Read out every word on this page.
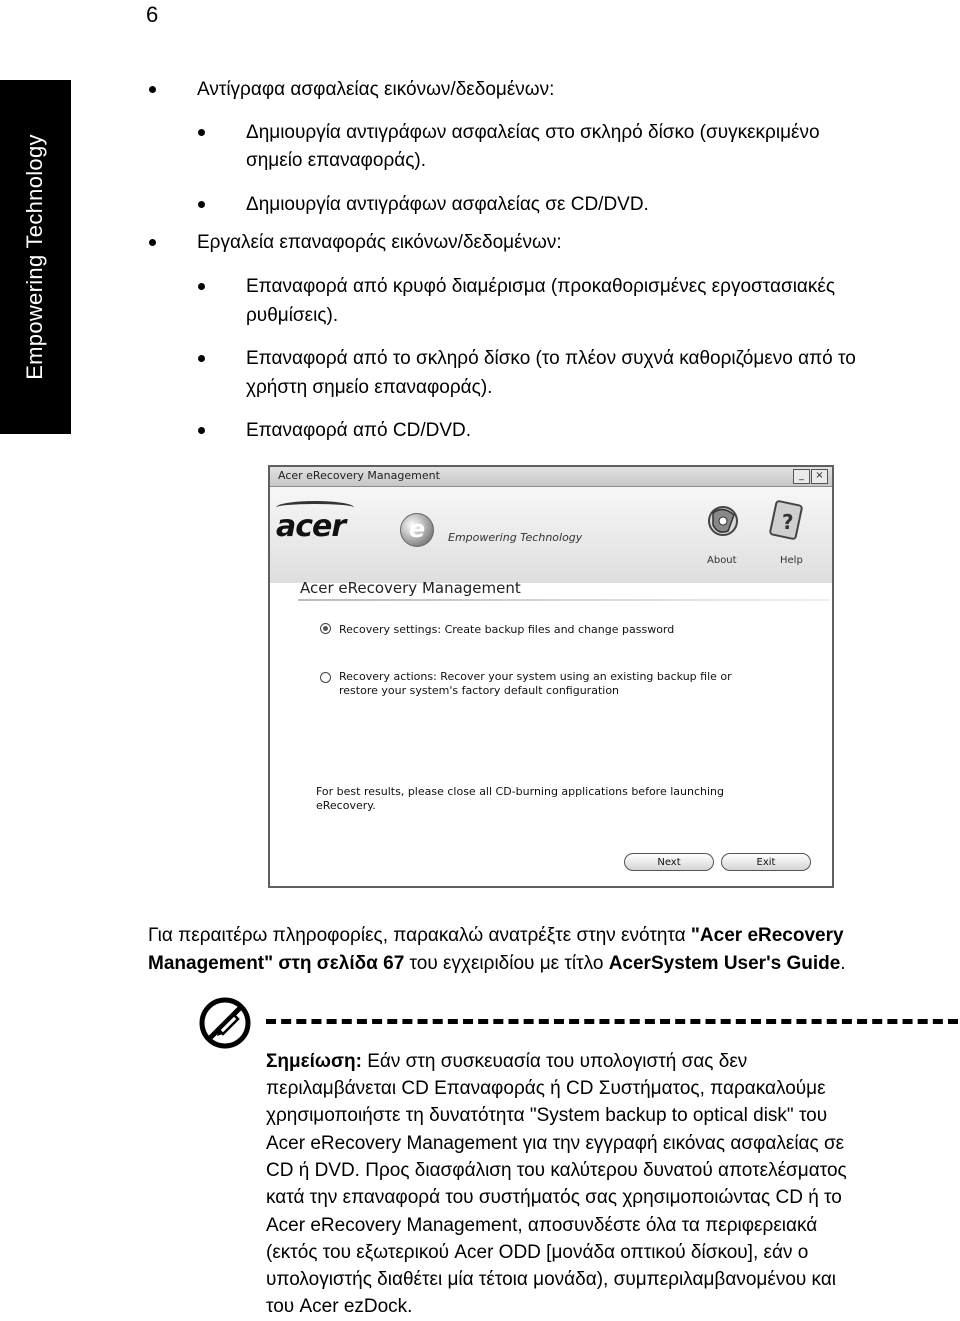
6
Empowering Technology
Αντίγραφα ασφαλείας εικόνων/δεδομένων:
Δημιουργία αντιγράφων ασφαλείας στο σκληρό δίσκο (συγκεκριμένο
σημείο επαναφοράς).
Δημιουργία αντιγράφων ασφαλείας σε CD/DVD.
Εργαλεία επαναφοράς εικόνων/δεδομένων:
Επαναφορά από κρυφό διαμέρισμα (προκαθορισμένες εργοστασιακές
ρυθμίσεις).
Επαναφορά από το σκληρό δίσκο (το πλέον συχνά καθοριζόμενο από το
χρήστη σημείο επαναφοράς).
Επαναφορά από CD/DVD.
Acer eRecovery Management	_	×
acer	e	Empowering Technology
About
?
Help
Acer eRecovery Management
Recovery settings: Create backup files and change password
Recovery actions: Recover your system using an existing backup file or
restore your system's factory default configuration
For best results, please close all CD-burning applications before launching
eRecovery.
Next	Exit
Για περαιτέρω πληροφορίες, παρακαλώ ανατρέξτε στην ενότητα "Acer eRecovery
Management" στη σελίδα 67 του εγχειριδίου με τίτλο AcerSystem User's Guide.
Σημείωση: Εάν στη συσκευασία του υπολογιστή σας δεν
περιλαμβάνεται CD Επαναφοράς ή CD Συστήματος, παρακαλούμε
χρησιμοποιήστε τη δυνατότητα "System backup to optical disk" του
Acer eRecovery Management για την εγγραφή εικόνας ασφαλείας σε
CD ή DVD. Προς διασφάλιση του καλύτερου δυνατού αποτελέσματος
κατά την επαναφορά του συστήματός σας χρησιμοποιώντας CD ή το
Acer eRecovery Management, αποσυνδέστε όλα τα περιφερειακά
(εκτός του εξωτερικού Acer ODD [μονάδα οπτικού δίσκου], εάν ο
υπολογιστής διαθέτει μία τέτοια μονάδα), συμπεριλαμβανομένου και
του Acer ezDock.
